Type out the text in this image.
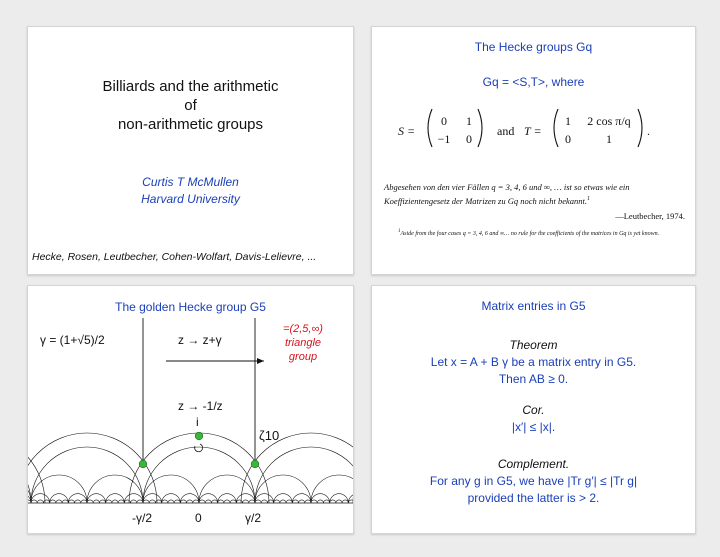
Billiards and the arithmetic
of
non-arithmetic groups
Curtis T McMullen
Harvard University
Hecke, Rosen, Leutbecher, Cohen-Wolfart, Davis-Lelievre, ...
The Hecke groups Gq
Gq = <S,T>, where
S =
0 1
−1 0
and T =
1 2 cos π/q
0	1
.
Abgesehen von den vier Fällen q = 3, 4, 6 und ∞, … ist so etwas wie ein Koeffizientengesetz der Matrizen zu Gq noch nicht bekannt.$^1$
—Leutbecher, 1974.
$^1$Aside from the four cases q = 3, 4, 6 and ∞… no rule for the coefficients of the matrices in Gq is yet known.
The golden Hecke group G5
γ = (1+√5)/2	z → z+γ
z → -1/z
i
ζ10
-γ/2	0	γ/2
=(2,5,∞)
triangle
group
Matrix entries in G5
Theorem
Let x = A + B γ be a matrix entry in G5.
Then AB ≥ 0.
Cor.
|x′| ≤ |x|.
Complement.
For any g in G5, we have |Tr g′| ≤ |Tr g|
provided the latter is > 2.
